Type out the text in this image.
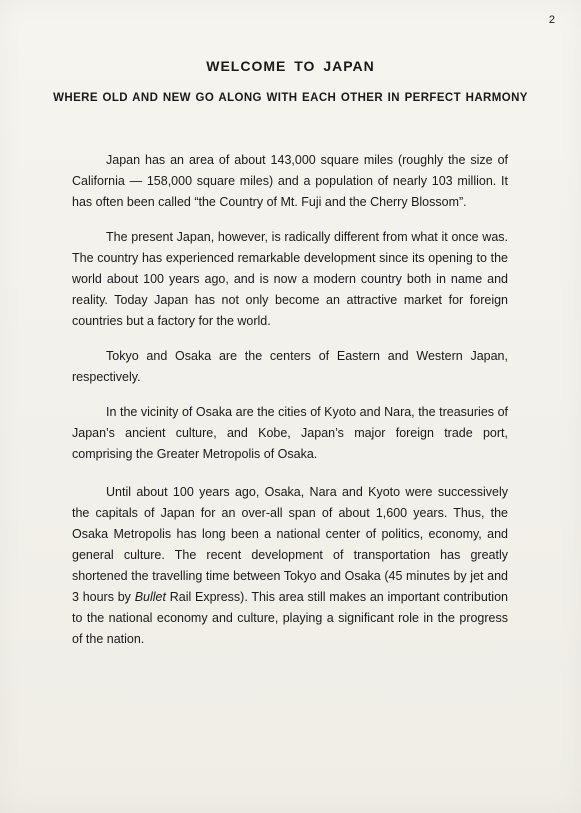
2
WELCOME TO JAPAN
WHERE OLD AND NEW GO ALONG WITH EACH OTHER IN PERFECT HARMONY

Japan has an area of about 143,000 square miles (roughly the size of California — 158,000 square miles) and a population of nearly 103 million. It has often been called “the Country of Mt. Fuji and the Cherry Blossom”.

The present Japan, however, is radically different from what it once was. The country has experienced remarkable development since its opening to the world about 100 years ago, and is now a modern country both in name and reality. Today Japan has not only become an attractive market for foreign countries but a factory for the world.

Tokyo and Osaka are the centers of Eastern and Western Japan, respectively.

In the vicinity of Osaka are the cities of Kyoto and Nara, the treasuries of Japan’s ancient culture, and Kobe, Japan’s major foreign trade port, comprising the Greater Metropolis of Osaka.

Until about 100 years ago, Osaka, Nara and Kyoto were successively the capitals of Japan for an over-all span of about 1,600 years. Thus, the Osaka Metropolis has long been a national center of politics, economy, and general culture. The recent development of transportation has greatly shortened the travelling time between Tokyo and Osaka (45 minutes by jet and 3 hours by Bullet Rail Express). This area still makes an important contribution to the national economy and culture, playing a significant role in the progress of the nation.
